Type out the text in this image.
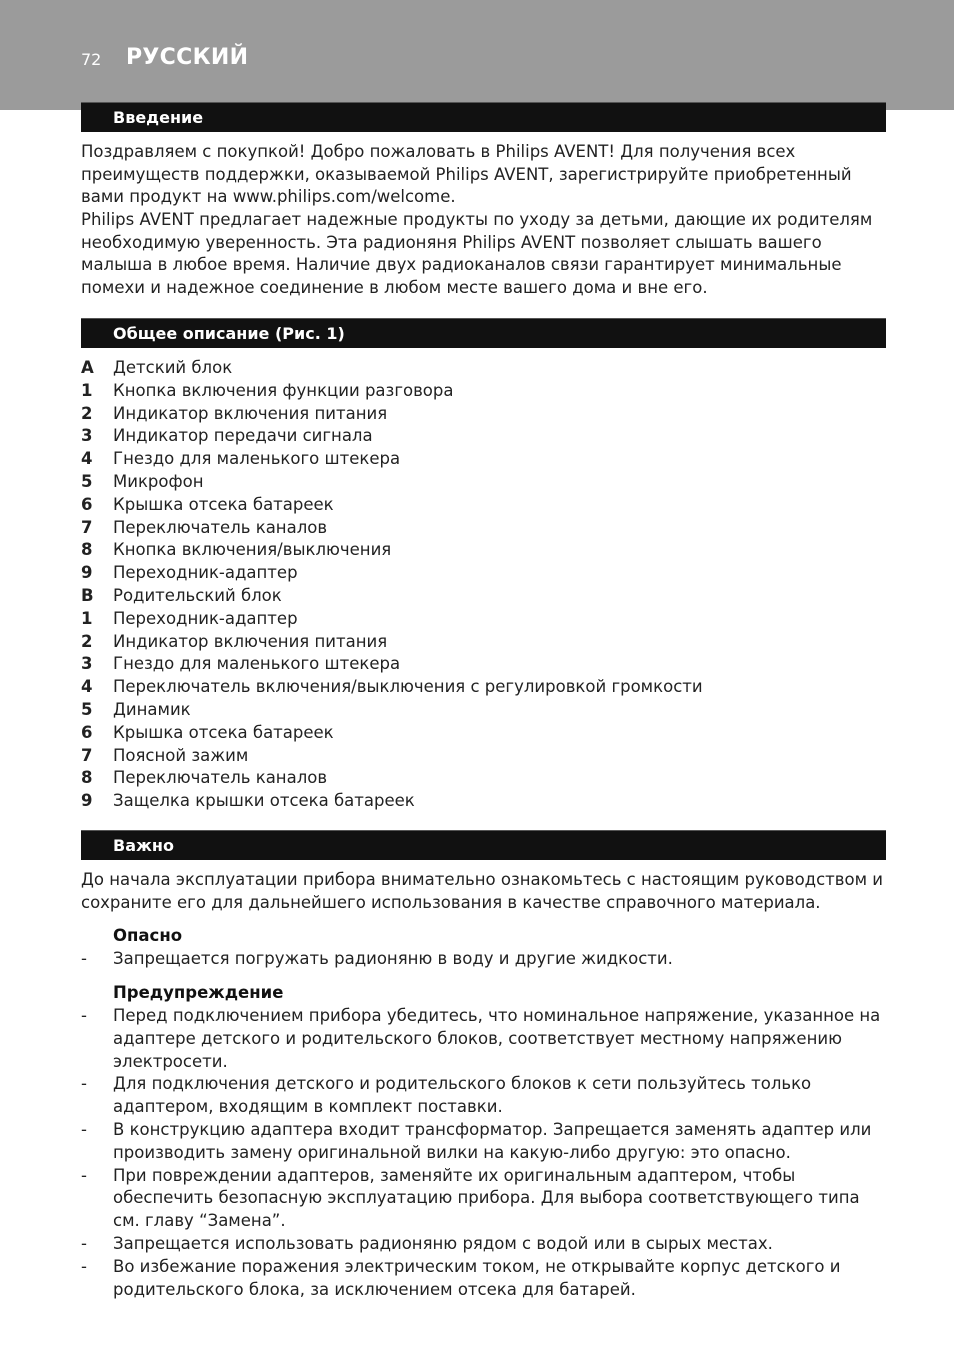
72 РУССКИЙ
Введение

Поздравляем с покупкой! Добро пожаловать в Philips AVENT! Для получения всех преимуществ поддержки, оказываемой Philips AVENT, зарегистрируйте приобретенный вами продукт на www.philips.com/welcome.

Philips AVENT предлагает надежные продукты по уходу за детьми, дающие их родителям необходимую уверенность. Эта радионяня Philips AVENT позволяет слышать вашего малыша в любое время. Наличие двух радиоканалов связи гарантирует минимальные помехи и надежное соединение в любом месте вашего дома и вне его.

Общее описание (Рис. 1)
A	Детский блок
1	Кнопка включения функции разговора
2	Индикатор включения питания
3	Индикатор передачи сигнала
4	Гнездо для маленького штекера
5	Микрофон
6	Крышка отсека батареек
7	Переключатель каналов
8	Кнопка включения/выключения
9	Переходник-адаптер
B	Родительский блок
1	Переходник-адаптер
2	Индикатор включения питания
3	Гнездо для маленького штекера
4	Переключатель включения/выключения с регулировкой громкости
5	Динамик
6	Крышка отсека батареек
7	Поясной зажим
8	Переключатель каналов
9	Защелка крышки отсека батареек
Важно

До начала эксплуатации прибора внимательно ознакомьтесь с настоящим руководством и сохраните его для дальнейшего использования в качестве справочного материала.

Опасно
-	Запрещается погружать радионяню в воду и другие жидкости.
Предупреждение
-	Перед подключением прибора убедитесь, что номинальное напряжение, указанное на адаптере детского и родительского блоков, соответствует местному напряжению электросети.
-	Для подключения детского и родительского блоков к сети пользуйтесь только адаптером, входящим в комплект поставки.
-	В конструкцию адаптера входит трансформатор. Запрещается заменять адаптер или производить замену оригинальной вилки на какую-либо другую: это опасно.
-	При повреждении адаптеров, заменяйте их оригинальным адаптером, чтобы обеспечить безопасную эксплуатацию прибора. Для выбора соответствующего типа см. главу “Замена”.
-	Запрещается использовать радионяню рядом с водой или в сырых местах.
-	Во избежание поражения электрическим током, не открывайте корпус детского и родительского блока, за исключением отсека для батарей.
